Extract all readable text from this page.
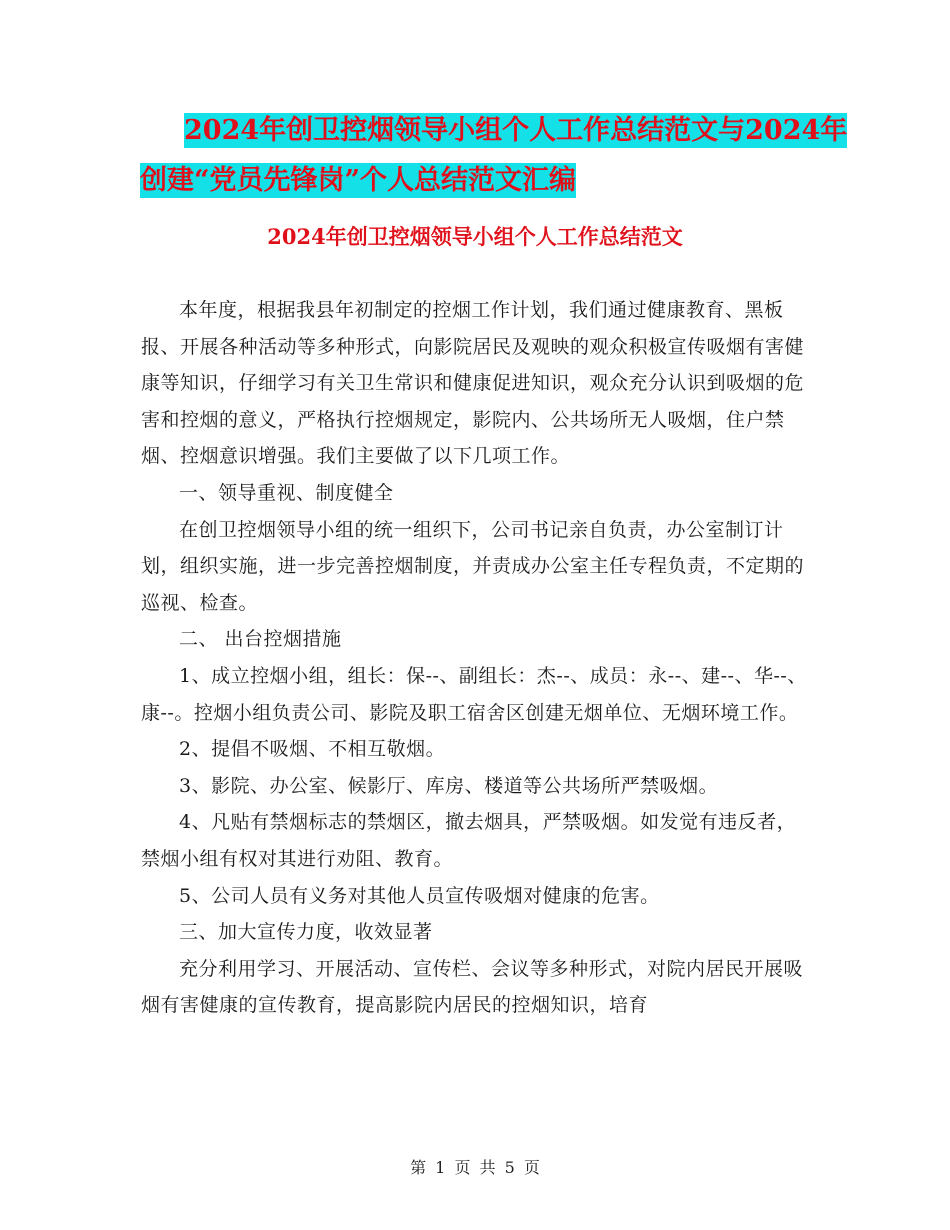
2024年创卫控烟领导小组个人工作总结范文与2024年
创建“党员先锋岗”个人总结范文汇编
2024年创卫控烟领导小组个人工作总结范文

本年度，根据我县年初制定的控烟工作计划，我们通过健康教育、黑板报、开展各种活动等多种形式，向影院居民及观映的观众积极宣传吸烟有害健康等知识，仔细学习有关卫生常识和健康促进知识，观众充分认识到吸烟的危害和控烟的意义，严格执行控烟规定，影院内、公共场所无人吸烟，住户禁烟、控烟意识增强。我们主要做了以下几项工作。

一、领导重视、制度健全

在创卫控烟领导小组的统一组织下，公司书记亲自负责，办公室制订计划，组织实施，进一步完善控烟制度，并责成办公室主任专程负责，不定期的巡视、检查。

二、 出台控烟措施

1、成立控烟小组，组长：保--、副组长：杰--、成员：永--、建--、华--、康--。控烟小组负责公司、影院及职工宿舍区创建无烟单位、无烟环境工作。

2、提倡不吸烟、不相互敬烟。

3、影院、办公室、候影厅、库房、楼道等公共场所严禁吸烟。

4、凡贴有禁烟标志的禁烟区，撤去烟具，严禁吸烟。如发觉有违反者，禁烟小组有权对其进行劝阻、教育。

5、公司人员有义务对其他人员宣传吸烟对健康的危害。

三、加大宣传力度，收效显著

充分利用学习、开展活动、宣传栏、会议等多种形式，对院内居民开展吸烟有害健康的宣传教育，提高影院内居民的控烟知识，培育

第 1 页 共 5 页
